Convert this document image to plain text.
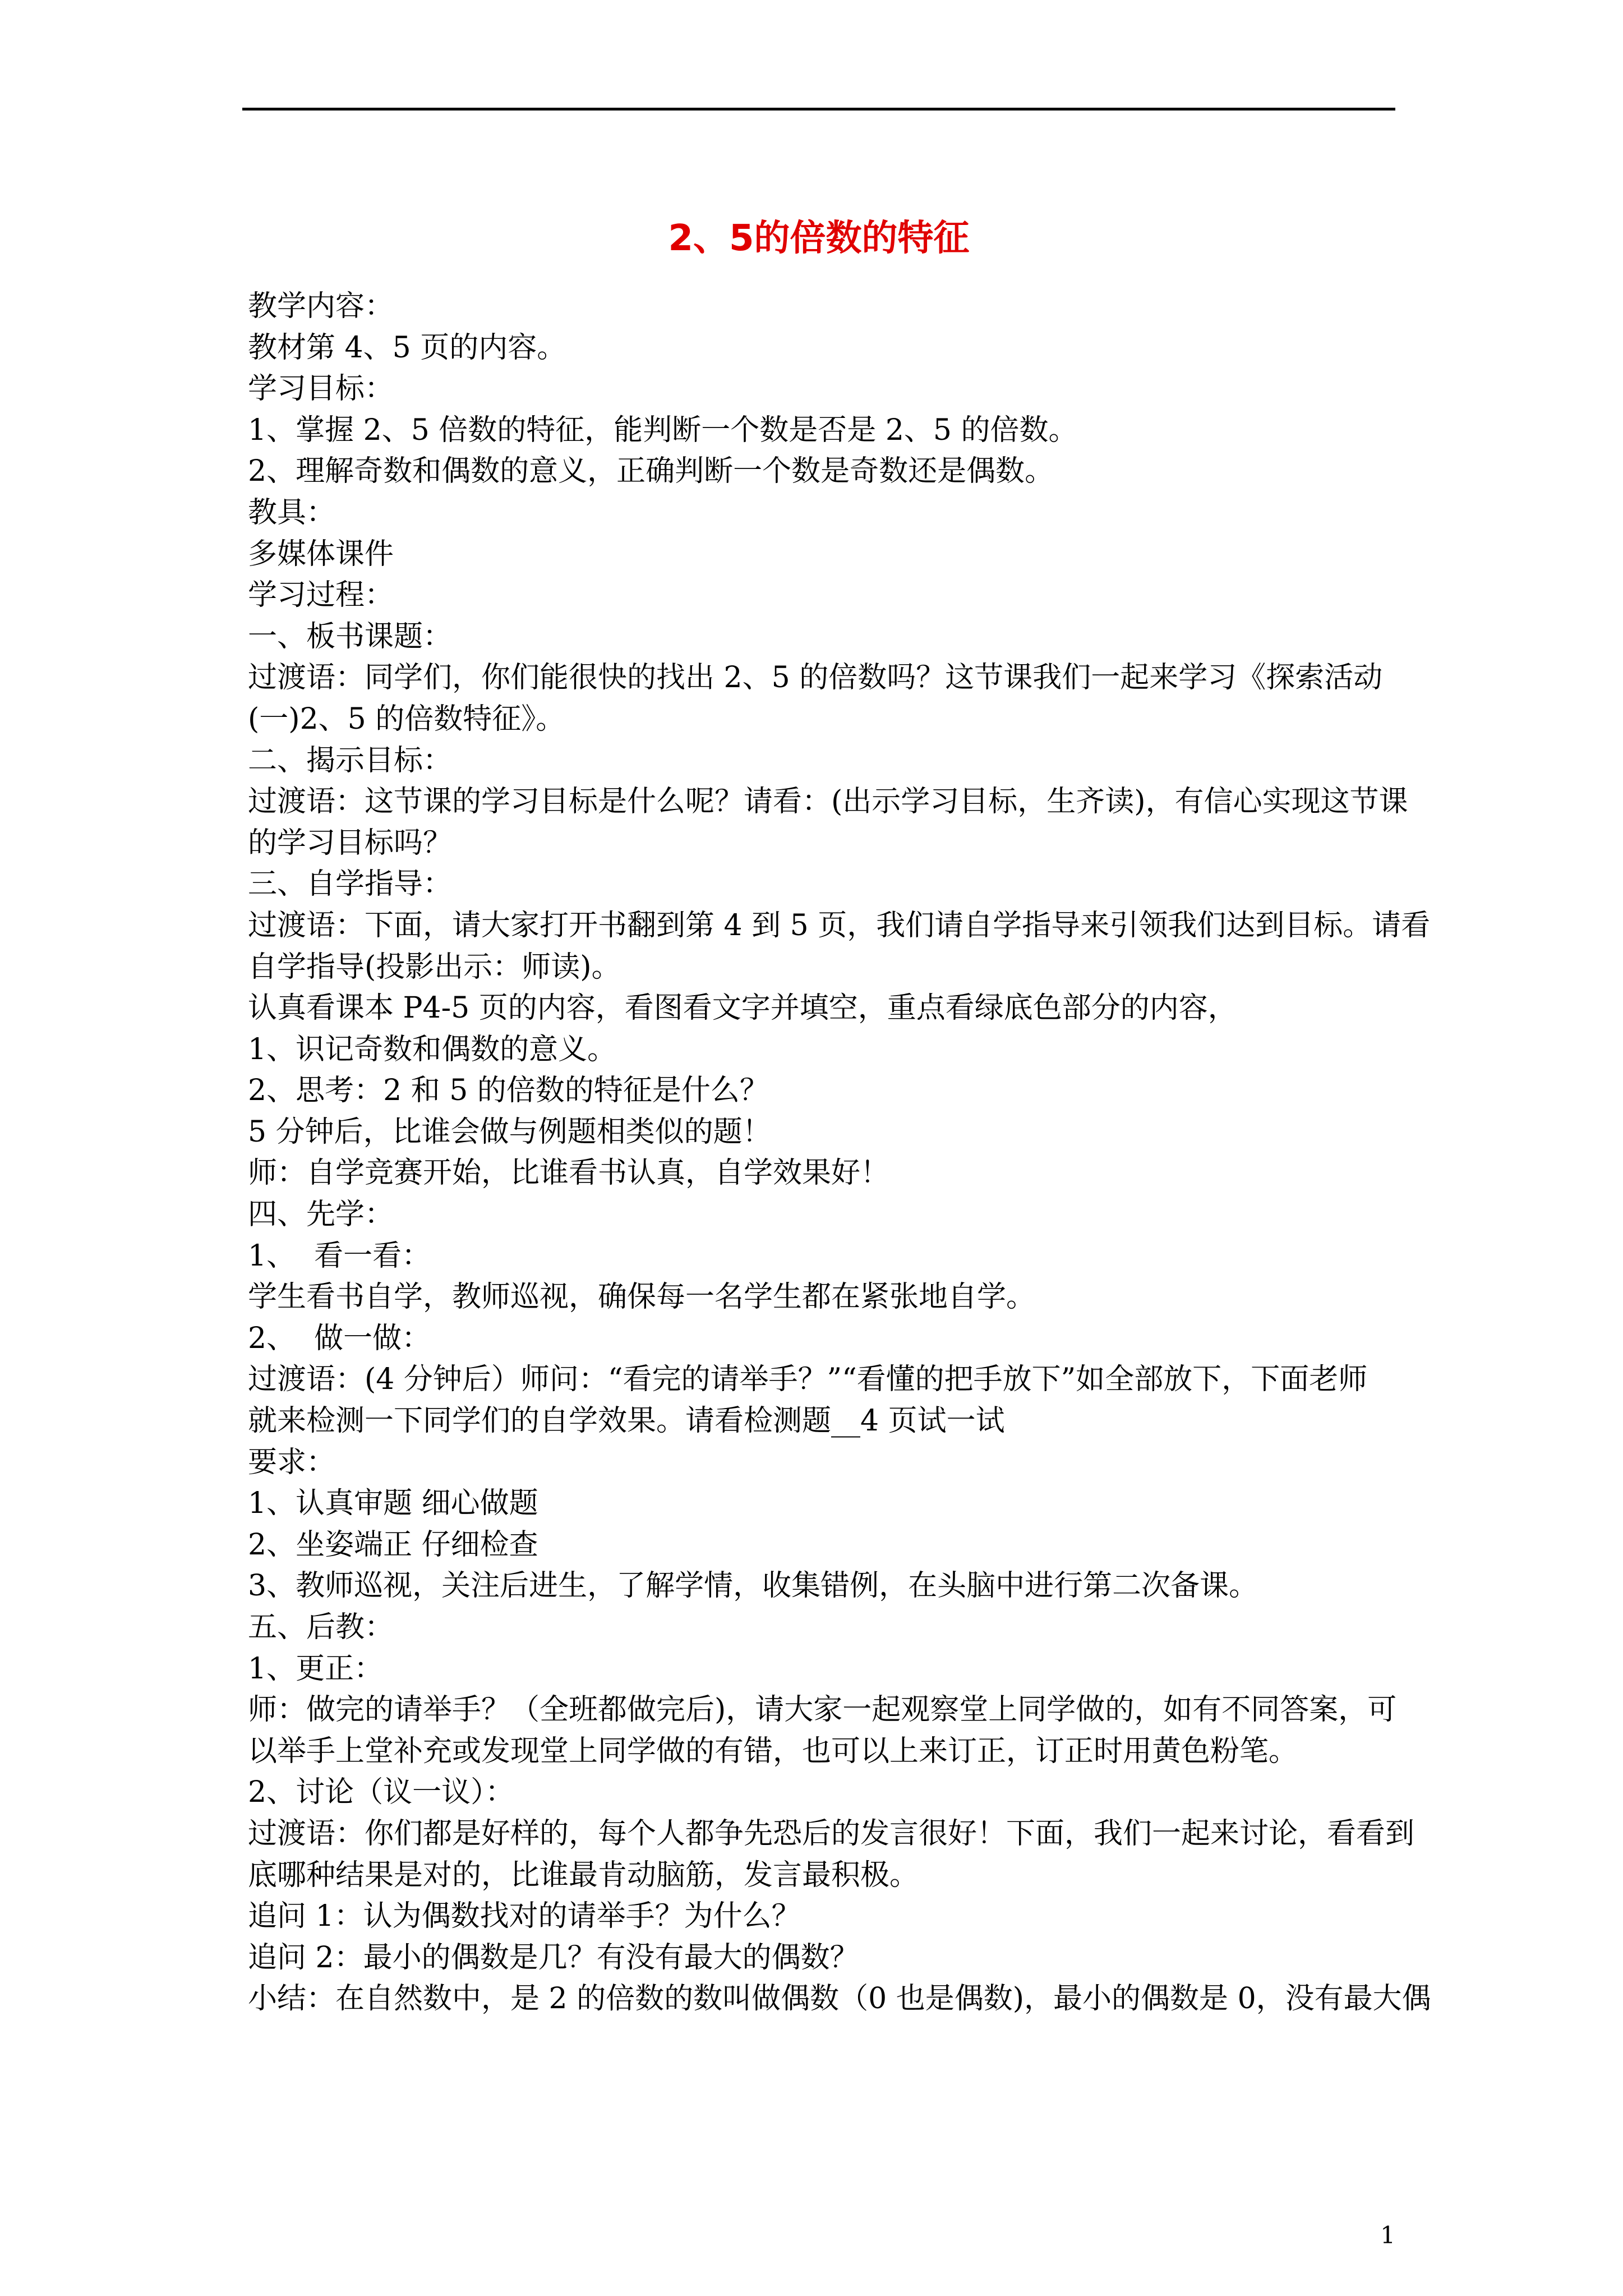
2、5的倍数的特征
教学内容：
教材第 4、5 页的内容。
学习目标：
1、掌握 2、5 倍数的特征，能判断一个数是否是 2、5 的倍数。
2、理解奇数和偶数的意义，正确判断一个数是奇数还是偶数。
教具：
多媒体课件
学习过程：
一、板书课题：
过渡语：同学们，你们能很快的找出 2、5 的倍数吗？这节课我们一起来学习《探索活动
(一)2、5 的倍数特征》。
二、揭示目标：
过渡语：这节课的学习目标是什么呢？请看：(出示学习目标，生齐读)，有信心实现这节课
的学习目标吗？
三、自学指导：
过渡语：下面，请大家打开书翻到第 4 到 5 页，我们请自学指导来引领我们达到目标。请看
自学指导(投影出示：师读)。
认真看课本 P4-5 页的内容，看图看文字并填空，重点看绿底色部分的内容，
1、识记奇数和偶数的意义。
2、思考：2 和 5 的倍数的特征是什么？
5 分钟后，比谁会做与例题相类似的题！
师：自学竞赛开始，比谁看书认真，自学效果好！
四、先学：
1、  看一看：
学生看书自学，教师巡视，确保每一名学生都在紧张地自学。
2、  做一做：
过渡语：(4 分钟后）师问：“看完的请举手？”“看懂的把手放下”如全部放下，下面老师
就来检测一下同学们的自学效果。请看检测题__4 页试一试
要求：
1、认真审题 细心做题
2、坐姿端正 仔细检查
3、教师巡视，关注后进生，了解学情，收集错例，在头脑中进行第二次备课。
五、后教：
1、更正：
师：做完的请举手？（全班都做完后)，请大家一起观察堂上同学做的，如有不同答案，可
以举手上堂补充或发现堂上同学做的有错，也可以上来订正，订正时用黄色粉笔。
2、讨论（议一议）：
过渡语：你们都是好样的，每个人都争先恐后的发言很好！下面，我们一起来讨论，看看到
底哪种结果是对的，比谁最肯动脑筋，发言最积极。
追问 1：认为偶数找对的请举手？为什么？
追问 2：最小的偶数是几？有没有最大的偶数？
小结：在自然数中，是 2 的倍数的数叫做偶数（0 也是偶数)，最小的偶数是 0，没有最大偶
1
